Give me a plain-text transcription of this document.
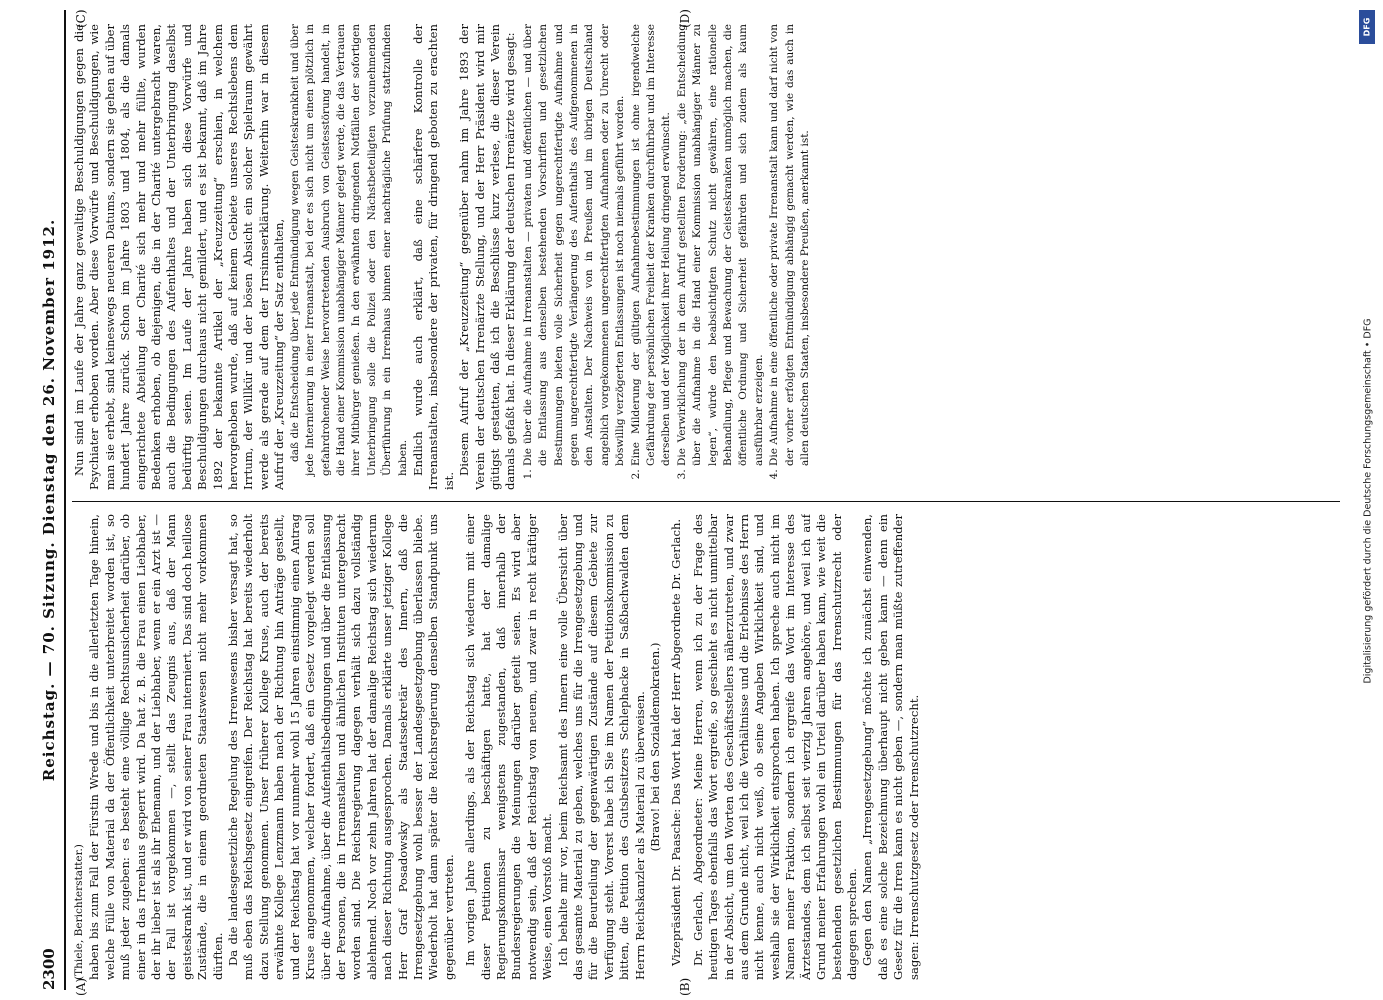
2300
Reichstag. — 70. Sitzung. Dienstag den 26. November 1912.
(A)	(B)
(C)	(D)

(Thiele, Berichterstatter.) haben bis zum Fall der Fürstin Wrede und bis in die allerletzten Tage hinein, welche Fülle von Material da der Öffentlichkeit unterbreitet worden ist, so muß jeder zugeben: es besteht eine völlige Rechtsunsicherheit darüber, ob einer in das Irrenhaus gesperrt wird. Da hat z. B. die Frau einen Liebhaber, der ihr lieber ist als ihr Ehemann, und der Liebhaber, wenn er ein Arzt ist — der Fall ist vorgekommen —, stellt das Zeugnis aus, daß der Mann geisteskrank ist, und er wird von seiner Frau interniert. Das sind doch heillose Zustände, die in einem geordneten Staatswesen nicht mehr vorkommen dürften. Da die landesgesetzliche Regelung des Irrenwesens bisher versagt hat, so muß eben das Reichsgesetz eingreifen. Der Reichstag hat bereits wiederholt dazu Stellung genommen. Unser früherer Kollege Kruse, auch der bereits erwähnte Kollege Lenzmann haben nach der Richtung hin Anträge gestellt, und der Reichstag hat vor nunmehr wohl 15 Jahren einstimmig einen Antrag Kruse angenommen, welcher fordert, daß ein Gesetz vorgelegt werden soll über die Aufnahme, über die Aufenthaltsbedingungen und über die Entlassung der Personen, die in Irrenanstalten und ähnlichen Instituten untergebracht worden sind. Die Reichsregierung dagegen verhält sich dazu vollständig ablehnend. Noch vor zehn Jahren hat der damalige Reichstag sich wiederum nach dieser Richtung ausgesprochen. Damals erklärte unser jetziger Kollege Herr Graf Posadowsky als Staatssekretär des Innern, daß die Irrengesetzgebung wohl besser der Landesgesetzgebung überlassen bliebe. Wiederholt hat dann später die Reichsregierung denselben Standpunkt uns gegenüber vertreten. Im vorigen Jahre allerdings, als der Reichstag sich wiederum mit einer dieser Petitionen zu beschäftigen hatte, hat der damalige Regierungskommissar wenigstens zugestanden, daß innerhalb der Bundesregierungen die Meinungen darüber geteilt seien. Es wird aber notwendig sein, daß der Reichstag von neuem, und zwar in recht kräftiger Weise, einen Vorstoß macht. Ich behalte mir vor, beim Reichsamt des Innern eine volle Übersicht über das gesamte Material zu geben, welches uns für die Irrengesetzgebung und für die Beurteilung der gegenwärtigen Zustände auf diesem Gebiete zur Verfügung steht. Vorerst habe ich Sie im Namen der Petitionskommission zu bitten, die Petition des Gutsbesitzers Schlephacke in Saßbachwalden dem Herrn Reichskanzler als Material zu überweisen. (Bravo! bei den Sozialdemokraten.) Vizepräsident Dr. Paasche: Das Wort hat der Herr Abgeordnete Dr. Gerlach. Dr. Gerlach, Abgeordneter: Meine Herren, wenn ich zu der Frage des heutigen Tages ebenfalls das Wort ergreife, so geschieht es nicht unmittelbar in der Absicht, um den Worten des Geschäftsstellers näherzutreten, und zwar aus dem Grunde nicht, weil ich die Verhältnisse und die Erlebnisse des Herrn nicht kenne, auch nicht weiß, ob seine Angaben Wirklichkeit sind, und weshalb sie der Wirklichkeit entsprochen haben. Ich spreche auch nicht im Namen meiner Fraktion, sondern ich ergreife das Wort im Interesse des Ärztestandes, dem ich selbst seit vierzig Jahren angehöre, und weil ich auf Grund meiner Erfahrungen wohl ein Urteil darüber haben kann, wie weit die bestehenden gesetzlichen Bestimmungen für das Irrenschutzrecht oder dagegen sprechen. Gegen den Namen „Irrengesetzgebung“ möchte ich zunächst einwenden, daß es eine solche Bezeichnung überhaupt nicht geben kann — denn ein Gesetz für die Irren kann es nicht geben —, sondern man müßte zutreffender sagen: Irrenschutzgesetz oder Irrenschutzrecht.

Nun sind im Laufe der Jahre ganz gewaltige Beschuldigungen gegen die Psychiater erhoben worden. Aber diese Vorwürfe und Beschuldigungen, wie man sie erhebt, sind keineswegs neueren Datums, sondern sie gehen auf über hundert Jahre zurück. Schon im Jahre 1803 und 1804, als die damals eingerichtete Abteilung der Charité sich mehr und mehr füllte, wurden Bedenken erhoben, ob diejenigen, die in der Charité untergebracht waren, auch die Bedingungen des Aufenthaltes und der Unterbringung daselbst bedürftig seien. Im Laufe der Jahre haben sich diese Vorwürfe und Beschuldigungen durchaus nicht gemildert, und es ist bekannt, daß im Jahre 1892 der bekannte Artikel der „Kreuzzeitung“ erschien, in welchem hervorgehoben wurde, daß auf keinem Gebiete unseres Rechtslebens dem Irrtum, der Willkür und der bösen Absicht ein solcher Spielraum gewährt werde als gerade auf dem der Irrsinnserklärung. Weiterhin war in diesem Aufruf der „Kreuzzeitung“ der Satz enthalten, daß die Entscheidung über jede Entmündigung wegen Geisteskrankheit und über jede Internierung in einer Irrenanstalt, bei der es sich nicht um einen plötzlich in gefahrdrohender Weise hervortretenden Ausbruch von Geistesstörung handelt, in die Hand einer Kommission unabhängiger Männer gelegt werde, die das Vertrauen ihrer Mitbürger genießen. In den erwähnten dringenden Notfällen der sofortigen Unterbringung solle die Polizei oder den Nächstbeteiligten vorzunehmenden Überführung in ein Irrenhaus binnen einer nachträgliche Prüfung stattzufinden haben. Endlich wurde auch erklärt, daß eine schärfere Kontrolle der Irrenanstalten, insbesondere der privaten, für dringend geboten zu erachten ist.

Diesem Aufruf der „Kreuzzeitung“ gegenüber nahm im Jahre 1893 der Verein der deutschen Irrenärzte Stellung, und der Herr Präsident wird mir gütigst gestatten, daß ich die Beschlüsse kurz verlese, die dieser Verein damals gefaßt hat. In dieser Erklärung der deutschen Irrenärzte wird gesagt: 1. Die über die Aufnahme in Irrenanstalten — privaten und öffentlichen — und über die Entlassung aus denselben bestehenden Vorschriften und gesetzlichen Bestimmungen bieten volle Sicherheit gegen ungerechtfertigte Aufnahme und gegen ungerechtfertigte Verlängerung des Aufenthalts des Aufgenommenen in den Anstalten. Der Nachweis von in Preußen und im übrigen Deutschland angeblich vorgekommenen ungerechtfertigten Aufnahmen oder zu Unrecht oder böswillig verzögerten Entlassungen ist noch niemals geführt worden. 2. Eine Milderung der gültigen Aufnahmebestimmungen ist ohne irgendwelche Gefährdung der persönlichen Freiheit der Kranken durchführbar und im Interesse derselben und der Möglichkeit ihrer Heilung dringend erwünscht. 3. Die Verwirklichung der in dem Aufruf gestellten Forderung: „die Entscheidung über die Aufnahme in die Hand einer Kommission unabhängiger Männer zu legen“, würde den beabsichtigten Schutz nicht gewähren, eine rationelle Behandlung, Pflege und Bewachung der Geisteskranken unmöglich machen, die öffentliche Ordnung und Sicherheit gefährden und sich zudem als kaum ausführbar erzeigen. 4. Die Aufnahme in eine öffentliche oder private Irrenanstalt kann und darf nicht von der vorher erfolgten Entmündigung abhängig gemacht werden, wie das auch in allen deutschen Staaten, insbesondere Preußen, anerkannt ist.
DFG
Digitalisierung gefördert durch die Deutsche Forschungsgemeinschaft • DFG
